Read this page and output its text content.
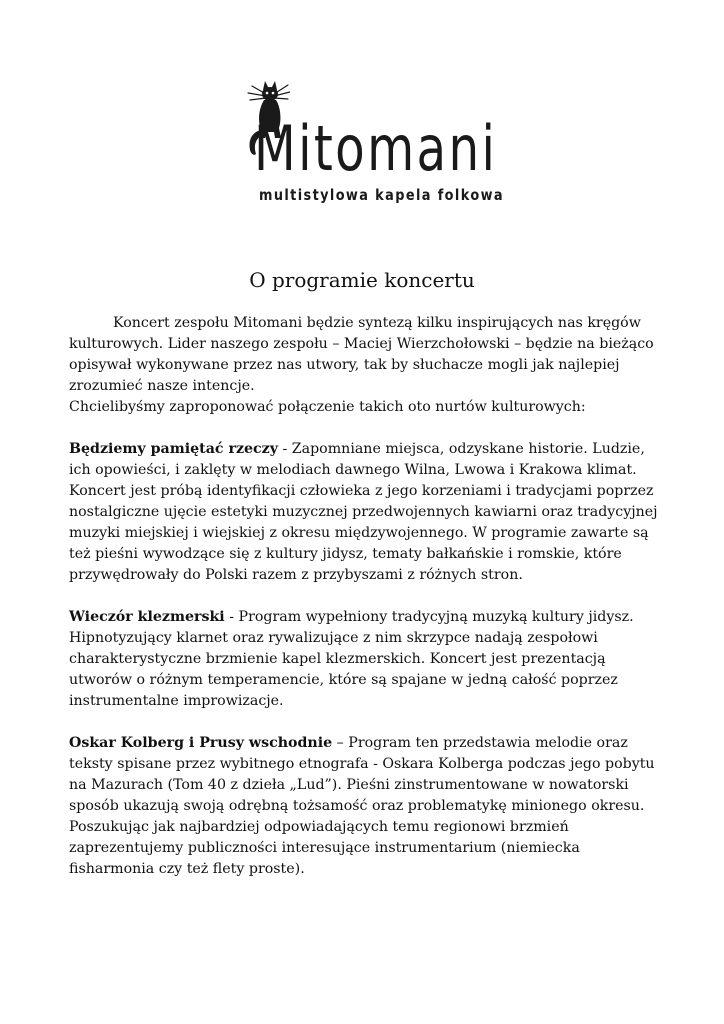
Mitomani
multistylowa kapela folkowa
O programie koncertu

Koncert zespołu Mitomani będzie syntezą kilku inspirujących nas kręgów kulturowych. Lider naszego zespołu – Maciej Wierzchołowski – będzie na bieżąco opisywał wykonywane przez nas utwory, tak by słuchacze mogli jak najlepiej zrozumieć nasze intencje.

Chcielibyśmy zaproponować połączenie takich oto nurtów kulturowych:

Będziemy pamiętać rzeczy - Zapomniane miejsca, odzyskane historie. Ludzie, ich opowieści, i zaklęty w melodiach dawnego Wilna, Lwowa i Krakowa klimat. Koncert jest próbą identyfikacji człowieka z jego korzeniami i tradycjami poprzez nostalgiczne ujęcie estetyki muzycznej przedwojennych kawiarni oraz tradycyjnej muzyki miejskiej i wiejskiej z okresu międzywojennego. W programie zawarte są też pieśni wywodzące się z kultury jidysz, tematy bałkańskie i romskie, które przywędrowały do Polski razem z przybyszami z różnych stron.

Wieczór klezmerski - Program wypełniony tradycyjną muzyką kultury jidysz. Hipnotyzujący klarnet oraz rywalizujące z nim skrzypce nadają zespołowi charakterystyczne brzmienie kapel klezmerskich. Koncert jest prezentacją utworów o różnym temperamencie, które są spajane w jedną całość poprzez instrumentalne improwizacje.

Oskar Kolberg i Prusy wschodnie – Program ten przedstawia melodie oraz teksty spisane przez wybitnego etnografa - Oskara Kolberga podczas jego pobytu na Mazurach (Tom 40 z dzieła „Lud”). Pieśni zinstrumentowane w nowatorski sposób ukazują swoją odrębną tożsamość oraz problematykę minionego okresu. Poszukując jak najbardziej odpowiadających temu regionowi brzmień zaprezentujemy publiczności interesujące instrumentarium (niemiecka fisharmonia czy też flety proste).
